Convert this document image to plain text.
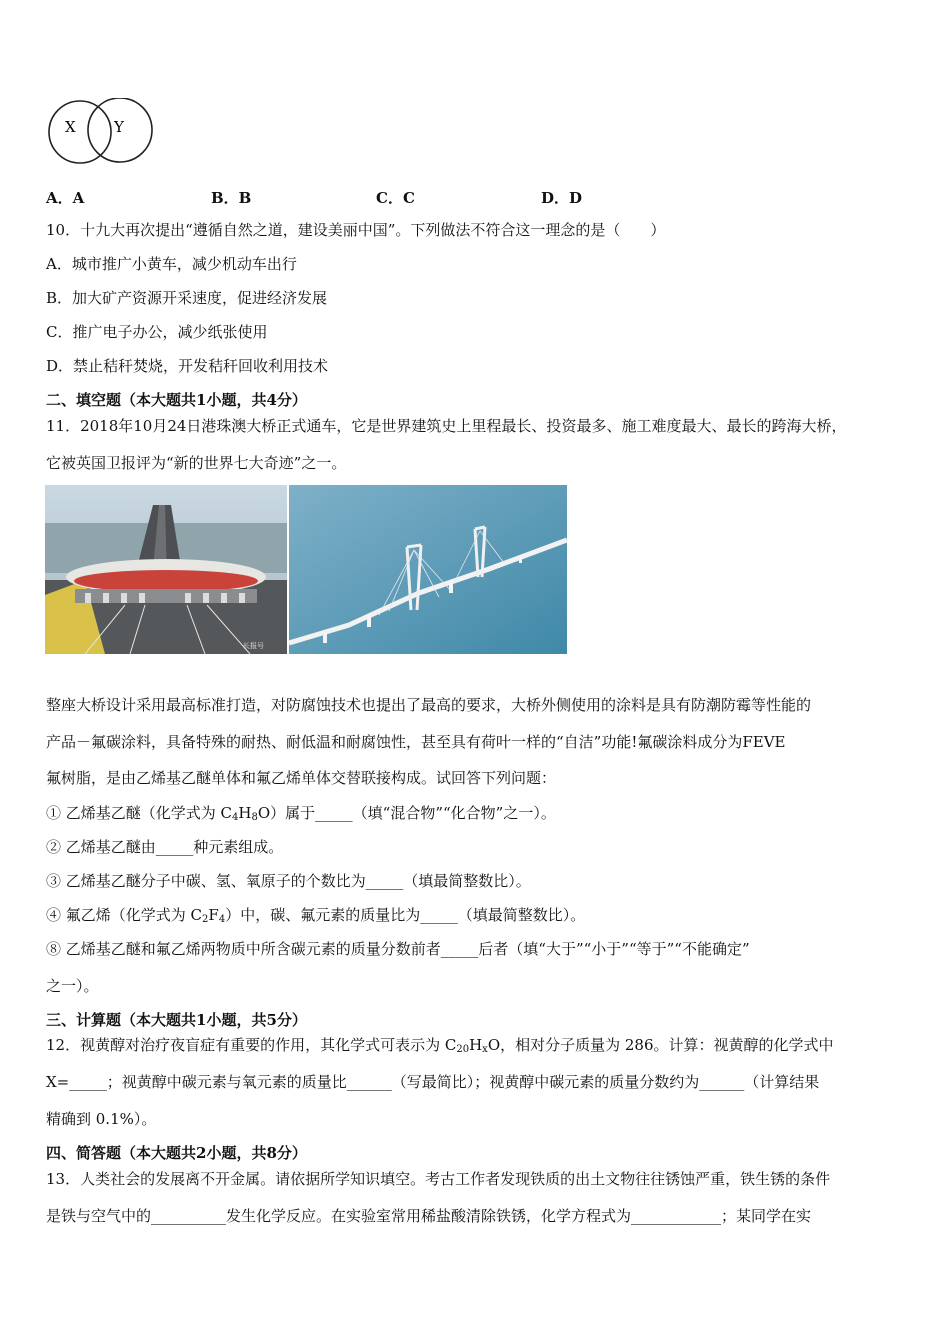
X	Y
A．A	B．B	C．C	D．D
10．十九大再次提出“遵循自然之道，建设美丽中国”。下列做法不符合这一理念的是（　　）
A．城市推广小黄车，减少机动车出行
B．加大矿产资源开采速度，促进经济发展
C．推广电子办公，减少纸张使用
D．禁止秸秆焚烧，开发秸秆回收利用技术
二、填空题（本大题共1小题，共4分）
11．2018年10月24日港珠澳大桥正式通车，它是世界建筑史上里程最长、投资最多、施工难度最大、最长的跨海大桥，
它被英国卫报评为“新的世界七大奇迹”之一。
长报号
整座大桥设计采用最高标准打造，对防腐蚀技术也提出了最高的要求，大桥外侧使用的涂料是具有防潮防霉等性能的
产品－氟碳涂料，具备特殊的耐热、耐低温和耐腐蚀性，甚至具有荷叶一样的“自洁”功能!氟碳涂料成分为FEVE
氟树脂，是由乙烯基乙醚单体和氟乙烯单体交替联接构成。试回答下列问题：
① 乙烯基乙醚（化学式为 $C_4H_8O$）属于_____（填“混合物”“化合物”之一）。
② 乙烯基乙醚由_____种元素组成。
③ 乙烯基乙醚分子中碳、氢、氧原子的个数比为_____（填最简整数比）。
④ 氟乙烯（化学式为 $C_2F_4$）中，碳、氟元素的质量比为_____（填最简整数比）。
⑧ 乙烯基乙醚和氟乙烯两物质中所含碳元素的质量分数前者_____后者（填“大于”“小于”“等于”“不能确定”
之一）。
三、计算题（本大题共1小题，共5分）
12．视黄醇对治疗夜盲症有重要的作用，其化学式可表示为 $C_{20}H_xO$，相对分子质量为 286。计算：视黄醇的化学式中
X=_____；视黄醇中碳元素与氧元素的质量比______（写最简比）；视黄醇中碳元素的质量分数约为______（计算结果
精确到 0.1%）。
四、简答题（本大题共2小题，共8分）
13．人类社会的发展离不开金属。请依据所学知识填空。考古工作者发现铁质的出土文物往往锈蚀严重，铁生锈的条件
是铁与空气中的__________发生化学反应。在实验室常用稀盐酸清除铁锈，化学方程式为____________；某同学在实
